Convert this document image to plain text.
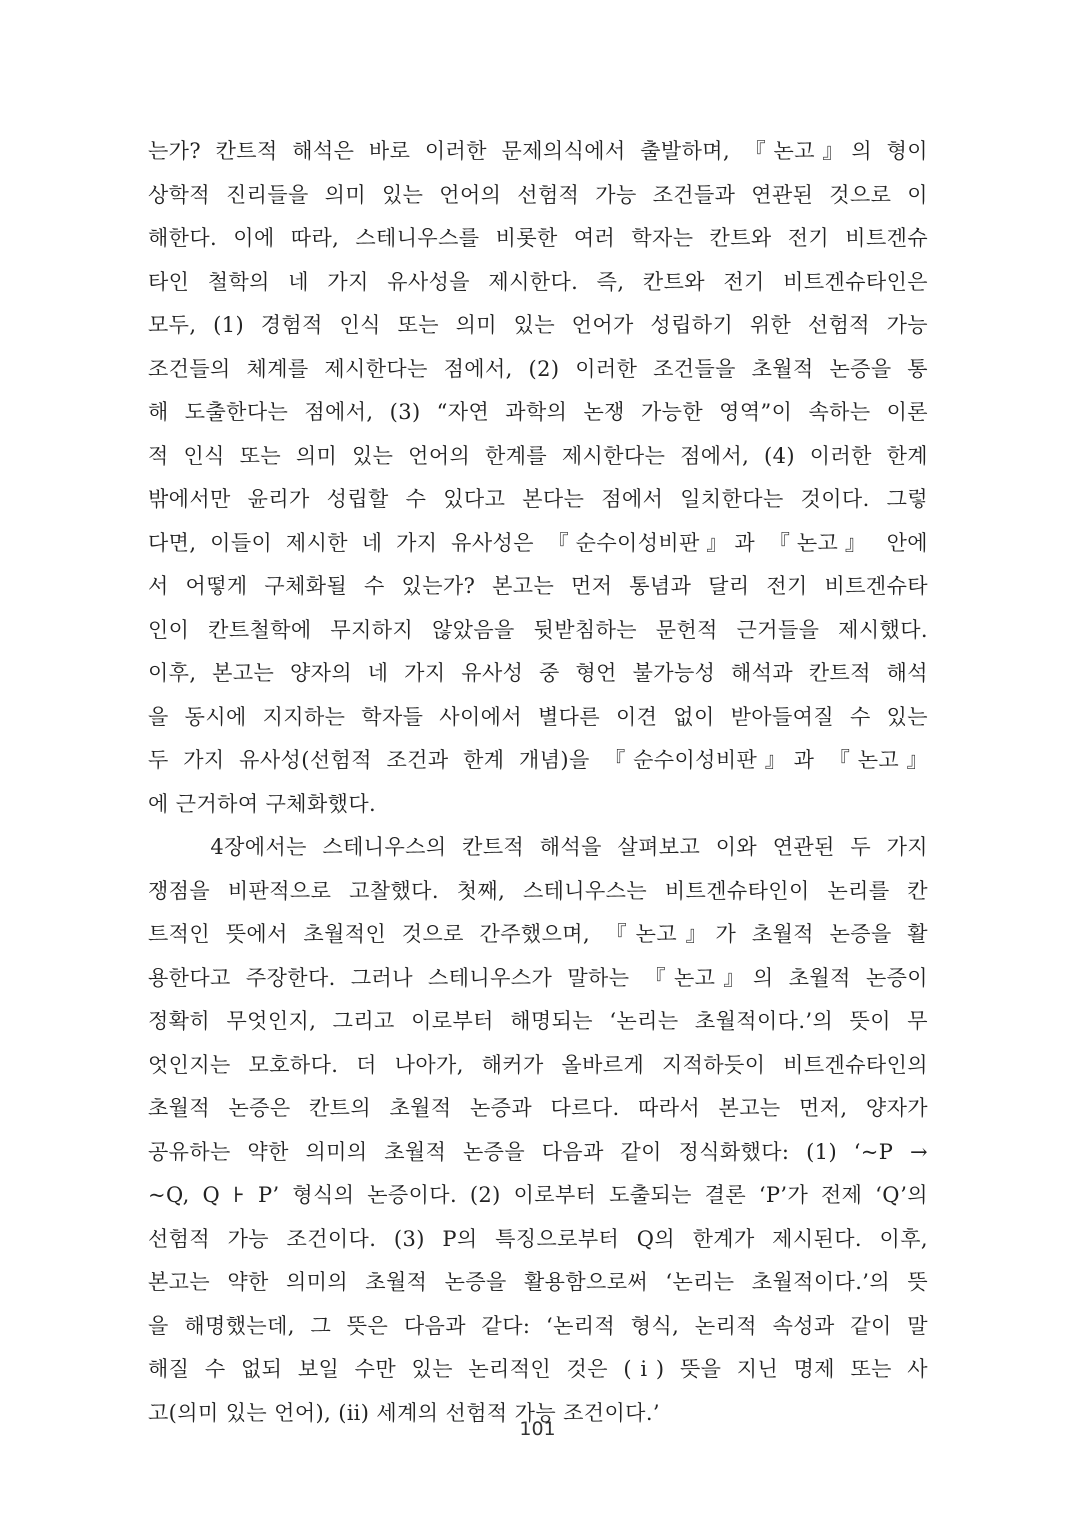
는가? 칸트적 해석은 바로 이러한 문제의식에서 출발하며, 『논고』의 형이
상학적 진리들을 의미 있는 언어의 선험적 가능 조건들과 연관된 것으로 이
해한다. 이에 따라, 스테니우스를 비롯한 여러 학자는 칸트와 전기 비트겐슈
타인 철학의 네 가지 유사성을 제시한다. 즉, 칸트와 전기 비트겐슈타인은
모두, (1) 경험적 인식 또는 의미 있는 언어가 성립하기 위한 선험적 가능
조건들의 체계를 제시한다는 점에서, (2) 이러한 조건들을 초월적 논증을 통
해 도출한다는 점에서, (3) “자연 과학의 논쟁 가능한 영역”이 속하는 이론
적 인식 또는 의미 있는 언어의 한계를 제시한다는 점에서, (4) 이러한 한계
밖에서만 윤리가 성립할 수 있다고 본다는 점에서 일치한다는 것이다. 그렇
다면, 이들이 제시한 네 가지 유사성은 『순수이성비판』과 『논고』 안에
서 어떻게 구체화될 수 있는가? 본고는 먼저 통념과 달리 전기 비트겐슈타
인이 칸트철학에 무지하지 않았음을 뒷받침하는 문헌적 근거들을 제시했다.
이후, 본고는 양자의 네 가지 유사성 중 형언 불가능성 해석과 칸트적 해석
을 동시에 지지하는 학자들 사이에서 별다른 이견 없이 받아들여질 수 있는
두 가지 유사성(선험적 조건과 한계 개념)을 『순수이성비판』과 『논고』
에 근거하여 구체화했다.
4장에서는 스테니우스의 칸트적 해석을 살펴보고 이와 연관된 두 가지
쟁점을 비판적으로 고찰했다. 첫째, 스테니우스는 비트겐슈타인이 논리를 칸
트적인 뜻에서 초월적인 것으로 간주했으며, 『논고』가 초월적 논증을 활
용한다고 주장한다. 그러나 스테니우스가 말하는 『논고』의 초월적 논증이
정확히 무엇인지, 그리고 이로부터 해명되는 ‘논리는 초월적이다.’의 뜻이 무
엇인지는 모호하다. 더 나아가, 해커가 올바르게 지적하듯이 비트겐슈타인의
초월적 논증은 칸트의 초월적 논증과 다르다. 따라서 본고는 먼저, 양자가
공유하는 약한 의미의 초월적 논증을 다음과 같이 정식화했다: (1) ‘~P →
~Q, Q ⊦ P’ 형식의 논증이다. (2) 이로부터 도출되는 결론 ‘P’가 전제 ‘Q’의
선험적 가능 조건이다. (3) P의 특징으로부터 Q의 한계가 제시된다. 이후,
본고는 약한 의미의 초월적 논증을 활용함으로써 ‘논리는 초월적이다.’의 뜻
을 해명했는데, 그 뜻은 다음과 같다: ‘논리적 형식, 논리적 속성과 같이 말
해질 수 없되 보일 수만 있는 논리적인 것은 (ⅰ) 뜻을 지닌 명제 또는 사
고(의미 있는 언어), (ⅱ) 세계의 선험적 가능 조건이다.’
101
